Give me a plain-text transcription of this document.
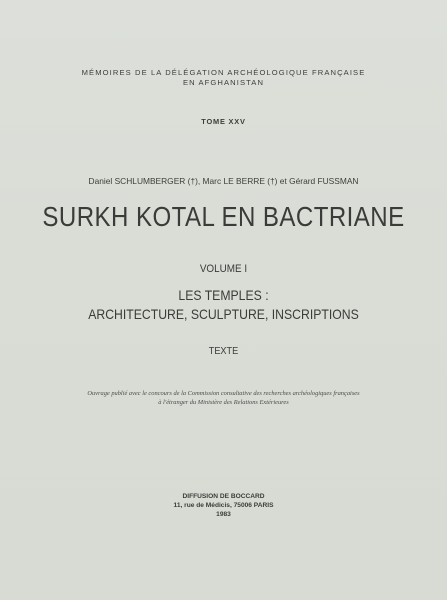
MÉMOIRES DE LA DÉLÉGATION ARCHÉOLOGIQUE FRANÇAISE
EN AFGHANISTAN
TOME XXV
Daniel SCHLUMBERGER (†), Marc LE BERRE (†) et Gérard FUSSMAN
SURKH KOTAL EN BACTRIANE
VOLUME I
LES TEMPLES :
ARCHITECTURE, SCULPTURE, INSCRIPTIONS
TEXTE
Ouvrage publié avec le concours de la Commission consultative des recherches archéologiques françaises
à l'étranger du Ministère des Relations Extérieures
DIFFUSION DE BOCCARD
11, rue de Médicis, 75006 PARIS
1983
